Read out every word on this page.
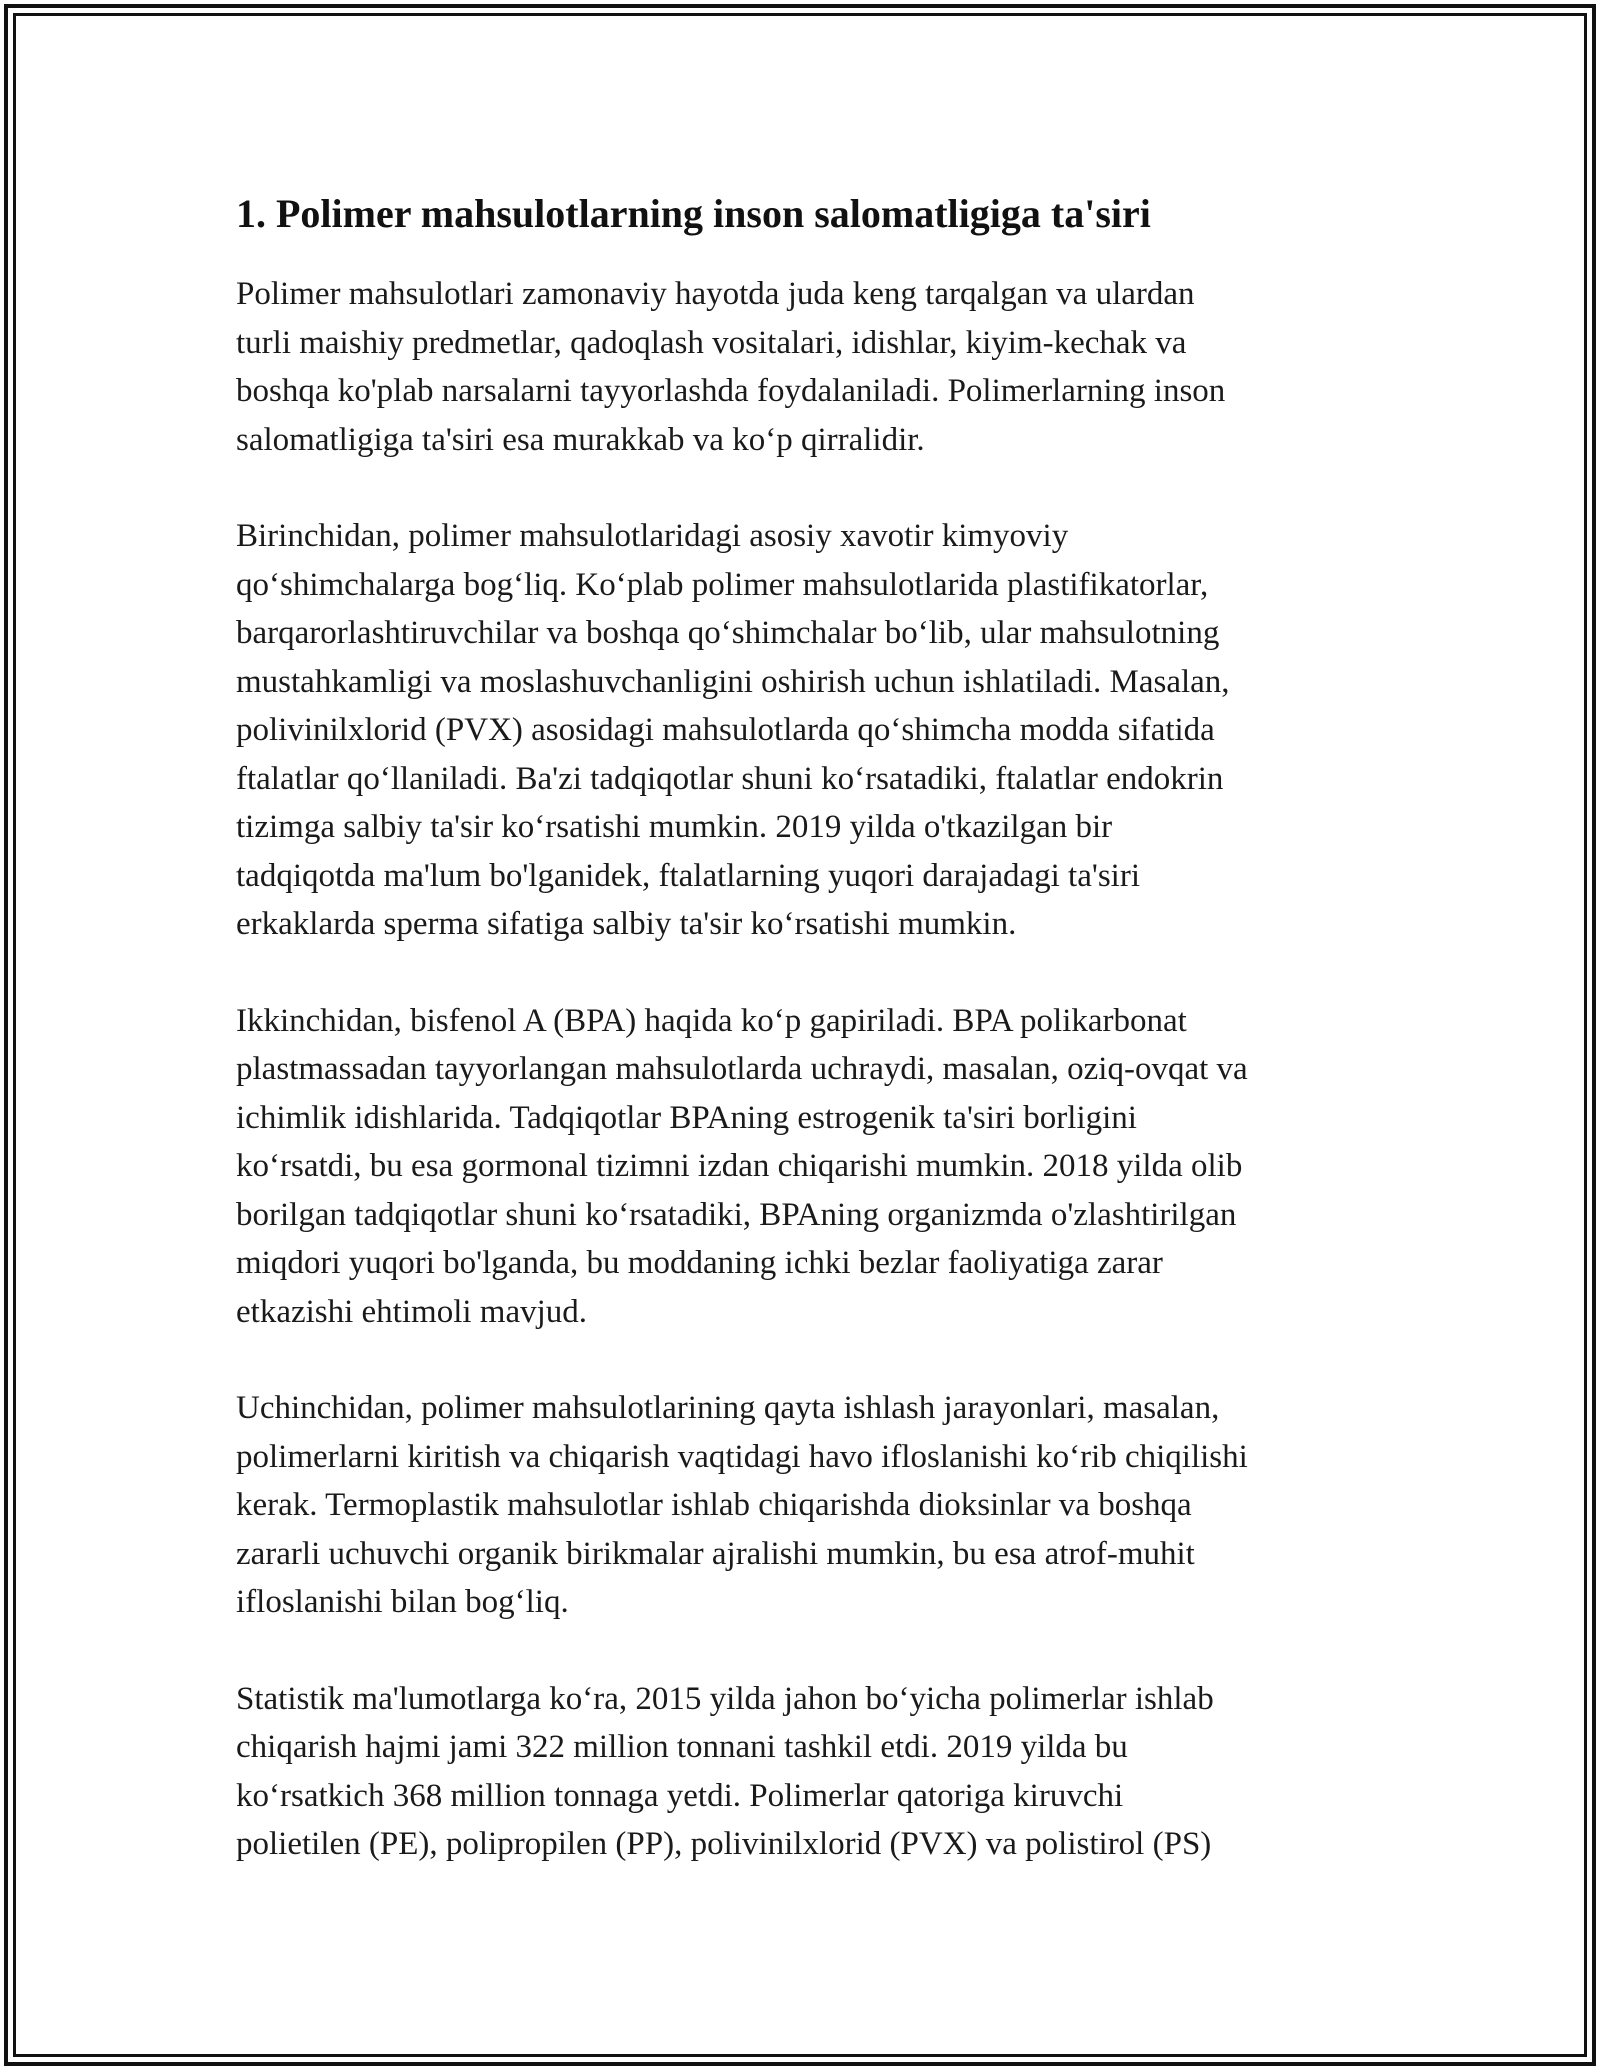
1. Polimer mahsulotlarning inson salomatligiga ta'siri

Polimer mahsulotlari zamonaviy hayotda juda keng tarqalgan va ulardan
turli maishiy predmetlar, qadoqlash vositalari, idishlar, kiyim-kechak va
boshqa ko'plab narsalarni tayyorlashda foydalaniladi. Polimerlarning inson
salomatligiga ta'siri esa murakkab va ko‘p qirralidir.

Birinchidan, polimer mahsulotlaridagi asosiy xavotir kimyoviy
qo‘shimchalarga bog‘liq. Ko‘plab polimer mahsulotlarida plastifikatorlar,
barqarorlashtiruvchilar va boshqa qo‘shimchalar bo‘lib, ular mahsulotning
mustahkamligi va moslashuvchanligini oshirish uchun ishlatiladi. Masalan,
polivinilxlorid (PVX) asosidagi mahsulotlarda qo‘shimcha modda sifatida
ftalatlar qo‘llaniladi. Ba'zi tadqiqotlar shuni ko‘rsatadiki, ftalatlar endokrin
tizimga salbiy ta'sir ko‘rsatishi mumkin. 2019 yilda o'tkazilgan bir
tadqiqotda ma'lum bo'lganidek, ftalatlarning yuqori darajadagi ta'siri
erkaklarda sperma sifatiga salbiy ta'sir ko‘rsatishi mumkin.

Ikkinchidan, bisfenol A (BPA) haqida ko‘p gapiriladi. BPA polikarbonat
plastmassadan tayyorlangan mahsulotlarda uchraydi, masalan, oziq-ovqat va
ichimlik idishlarida. Tadqiqotlar BPAning estrogenik ta'siri borligini
ko‘rsatdi, bu esa gormonal tizimni izdan chiqarishi mumkin. 2018 yilda olib
borilgan tadqiqotlar shuni ko‘rsatadiki, BPAning organizmda o'zlashtirilgan
miqdori yuqori bo'lganda, bu moddaning ichki bezlar faoliyatiga zarar
etkazishi ehtimoli mavjud.

Uchinchidan, polimer mahsulotlarining qayta ishlash jarayonlari, masalan,
polimerlarni kiritish va chiqarish vaqtidagi havo ifloslanishi ko‘rib chiqilishi
kerak. Termoplastik mahsulotlar ishlab chiqarishda dioksinlar va boshqa
zararli uchuvchi organik birikmalar ajralishi mumkin, bu esa atrof-muhit
ifloslanishi bilan bog‘liq.

Statistik ma'lumotlarga ko‘ra, 2015 yilda jahon bo‘yicha polimerlar ishlab
chiqarish hajmi jami 322 million tonnani tashkil etdi. 2019 yilda bu
ko‘rsatkich 368 million tonnaga yetdi. Polimerlar qatoriga kiruvchi
polietilen (PE), polipropilen (PP), polivinilxlorid (PVX) va polistirol (PS)
